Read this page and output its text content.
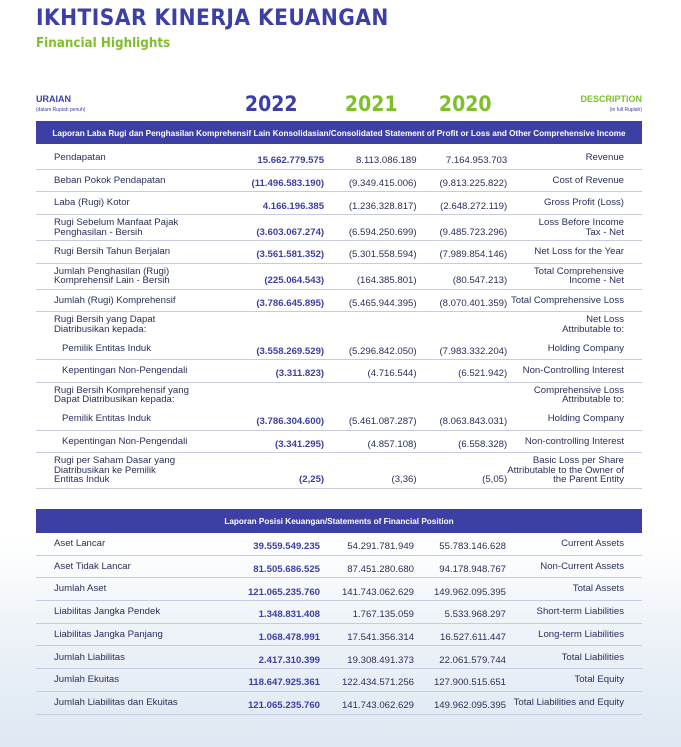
IKHTISAR KINERJA KEUANGAN
Financial Highlights
URAIAN
(dalam Rupiah penuh)	2022 2021 2020	DESCRIPTION
(in full Rupiah)
Laporan Laba Rugi dan Penghasilan Komprehensif Lain Konsolidasian/Consolidated Statement of Profit or Loss and Other Comprehensive Income
Pendapatan	15.662.779.575	8.113.086.189	7.164.953.703	Revenue

Beban Pokok Pendapatan	(11.496.583.190)	(9.349.415.006)	(9.813.225.822)	Cost of Revenue

Laba (Rugi) Kotor	4.166.196.385	(1.236.328.817)	(2.648.272.119)	Gross Profit (Loss)

Rugi Sebelum Manfaat Pajak
Penghasilan - Bersih	(3.603.067.274)	(6.594.250.699)	(9.485.723.296)	Loss Before Income
Tax - Net

Rugi Bersih Tahun Berjalan	(3.561.581.352)	(5.301.558.594)	(7.989.854.146)	Net Loss for the Year

Jumlah Penghasilan (Rugi)
Komprehensif Lain - Bersih	(225.064.543)	(164.385.801)	(80.547.213)	Total Comprehensive
Income - Net

Jumlah (Rugi) Komprehensif	(3.786.645.895)	(5.465.944.395)	(8.070.401.359)	Total Comprehensive Loss

Rugi Bersih yang Dapat
Diatribusikan kepada:				Net Loss
Attributable to:

Pemilik Entitas Induk	(3.558.269.529)	(5.296.842.050)	(7.983.332.204)	Holding Company

Kepentingan Non-Pengendali	(3.311.823)	(4.716.544)	(6.521.942)	Non-Controlling Interest

Rugi Bersih Komprehensif yang
Dapat Diatribusikan kepada:				Comprehensive Loss
Attributable to:

Pemilik Entitas Induk	(3.786.304.600)	(5.461.087.287)	(8.063.843.031)	Holding Company

Kepentingan Non-Pengendali	(3.341.295)	(4.857.108)	(6.558.328)	Non-controlling Interest

Rugi per Saham Dasar yang
Diatribusikan ke Pemilik
Entitas Induk	(2,25)	(3,36)	(5,05)	Basic Loss per Share
Attributable to the Owner of
the Parent Entity
Laporan Posisi Keuangan/Statements of Financial Position
Aset Lancar	39.559.549.235	54.291.781.949	55.783.146.628	Current Assets

Aset Tidak Lancar	81.505.686.525	87.451.280.680	94.178.948.767	Non-Current Assets

Jumlah Aset	121.065.235.760	141.743.062.629	149.962.095.395	Total Assets

Liabilitas Jangka Pendek	1.348.831.408	1.767.135.059	5.533.968.297	Short-term Liabilities

Liabilitas Jangka Panjang	1.068.478.991	17.541.356.314	16.527.611.447	Long-term Liabilities

Jumlah Liabilitas	2.417.310.399	19.308.491.373	22.061.579.744	Total Liabilities

Jumlah Ekuitas	118.647.925.361	122.434.571.256	127.900.515.651	Total Equity

Jumlah Liabilitas dan Ekuitas	121.065.235.760	141.743.062.629	149.962.095.395	Total Liabilities and Equity
